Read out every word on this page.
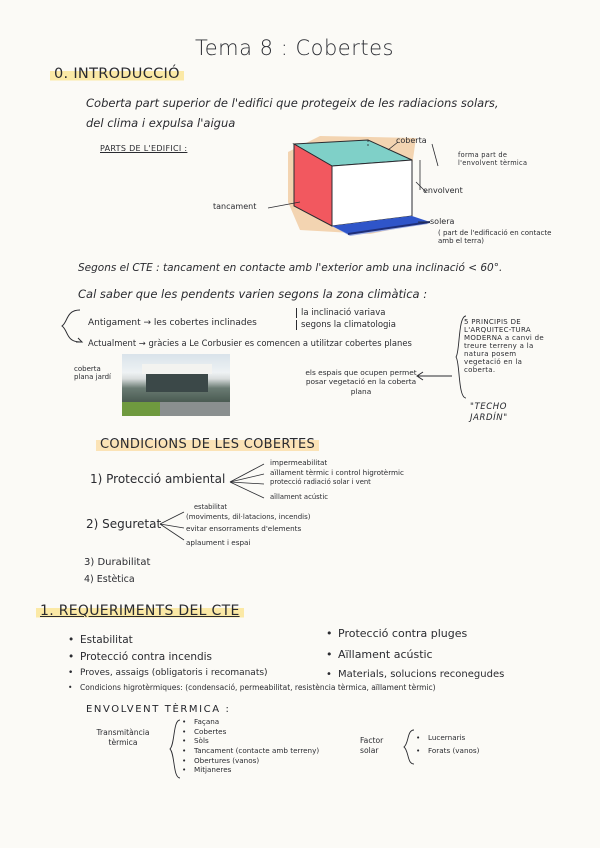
Tema 8 : Cobertes
0. INTRODUCCIÓ
Coberta part superior de l'edifici que protegeix de les radiacions solars,
del clima i expulsa l'aigua
PARTS DE L'EDIFICI :
coberta
forma part de l'envolvent tèrmica
envolvent
tancament
solera
( part de l'edificació en contacte amb el terra)
Segons el CTE : tancament en contacte amb l'exterior amb una inclinació < 60°.
Cal saber que les pendents varien segons la zona climàtica :
Antigament → les cobertes inclinades
la inclinació variava
segons la climatologia
Actualment → gràcies a Le Corbusier es comencen a utilitzar cobertes planes
5 PRINCIPIS DE L'ARQUITEC-TURA MODERNA a canvi de treure terreny a la natura posem vegetació en la coberta.
"TECHO JARDÍN"
coberta plana jardí	els espais que ocupen permet posar vegetació en la coberta plana
CONDICIONS DE LES COBERTES
1) Protecció ambiental
impermeabilitat
aïllament tèrmic i control higrotèrmic
protecció radiació solar i vent
aïllament acústic
2) Seguretat
estabilitat
(moviments, dil·latacions, incendis)
evitar ensorraments d'elements
aplaument i espai
3) Durabilitat
4) Estètica
1. REQUERIMENTS DEL CTE
• Estabilitat
• Protecció contra incendis
• Proves, assaigs (obligatoris i recomanats)
• Protecció contra pluges
• Aïllament acústic
• Materials, solucions reconegudes
• Condicions higrotèrmiques: (condensació, permeabilitat, resistència tèrmica, aïllament tèrmic)
ENVOLVENT TÈRMICA :
Transmitància tèrmica
• Façana
• Cobertes
• Sòls
• Tancament (contacte amb terreny)
• Obertures (vanos)
• Mitjaneres
Factor solar
• Lucernaris
• Forats (vanos)
